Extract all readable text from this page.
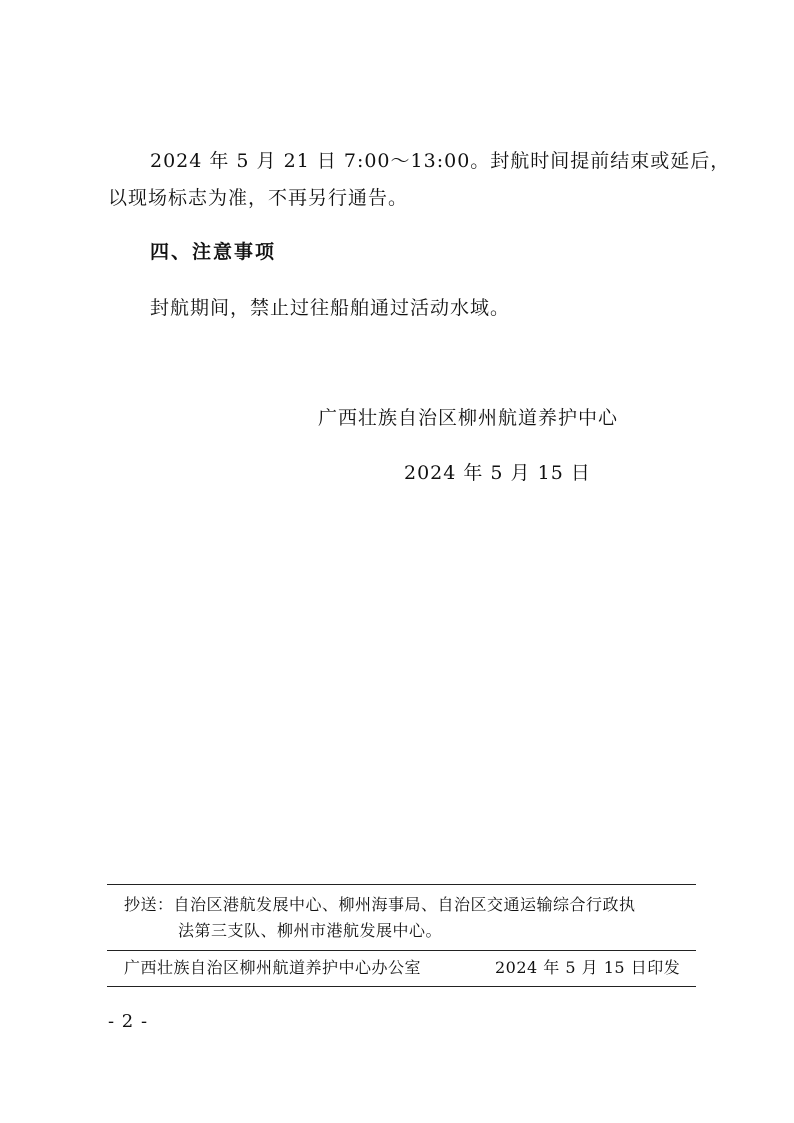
2024 年 5 月 21 日 7:00～13:00。封航时间提前结束或延后，
以现场标志为准，不再另行通告。
四、注意事项
封航期间，禁止过往船舶通过活动水域。
广西壮族自治区柳州航道养护中心
2024 年 5 月 15 日
抄送：自治区港航发展中心、柳州海事局、自治区交通运输综合行政执
法第三支队、柳州市港航发展中心。
广西壮族自治区柳州航道养护中心办公室	2024 年 5 月 15 日印发
- 2 -
